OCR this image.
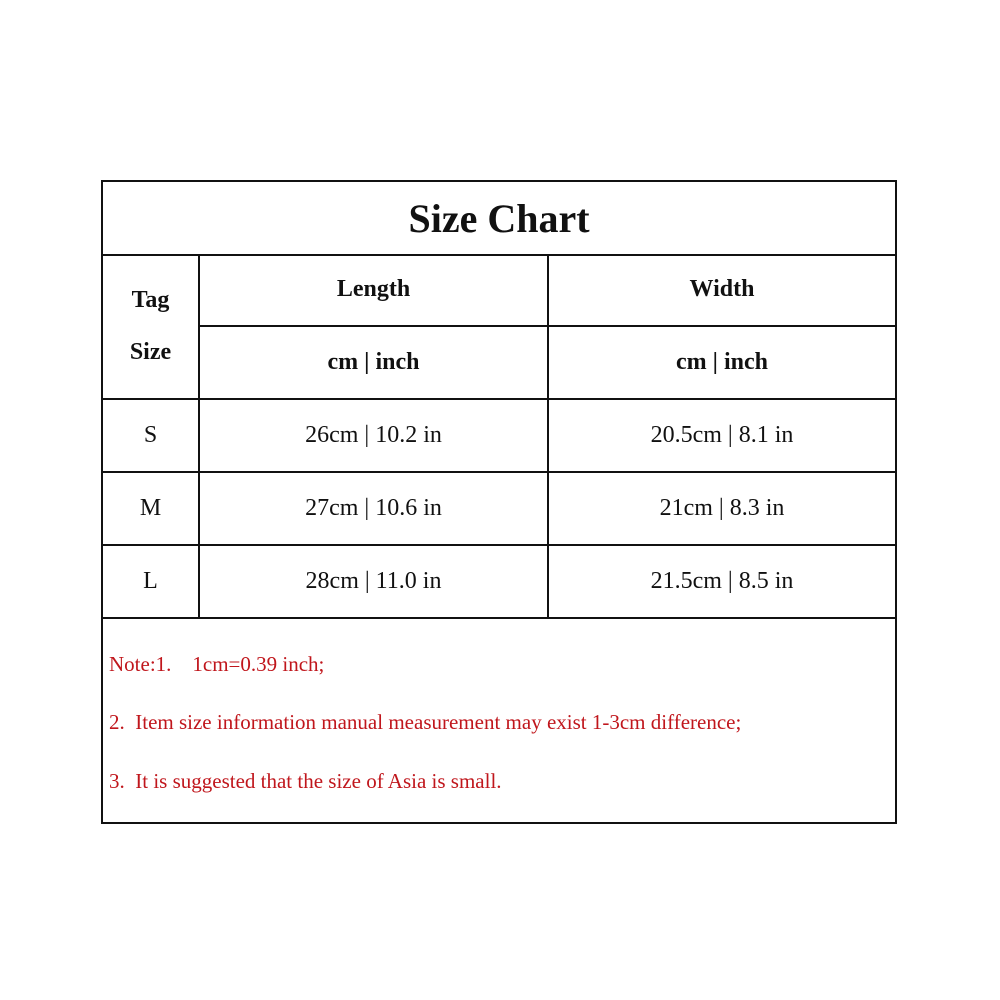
Size Chart
Tag
Size	Length	Width
	cm | inch	cm | inch
S	26cm | 10.2 in	20.5cm | 8.1 in
M	27cm | 10.6 in	21cm | 8.3 in
L	28cm | 11.0 in	21.5cm | 8.5 in
Note:1.    1cm=0.39 inch;
2.  Item size information manual measurement may exist 1-3cm difference;
3.  It is suggested that the size of Asia is small.
